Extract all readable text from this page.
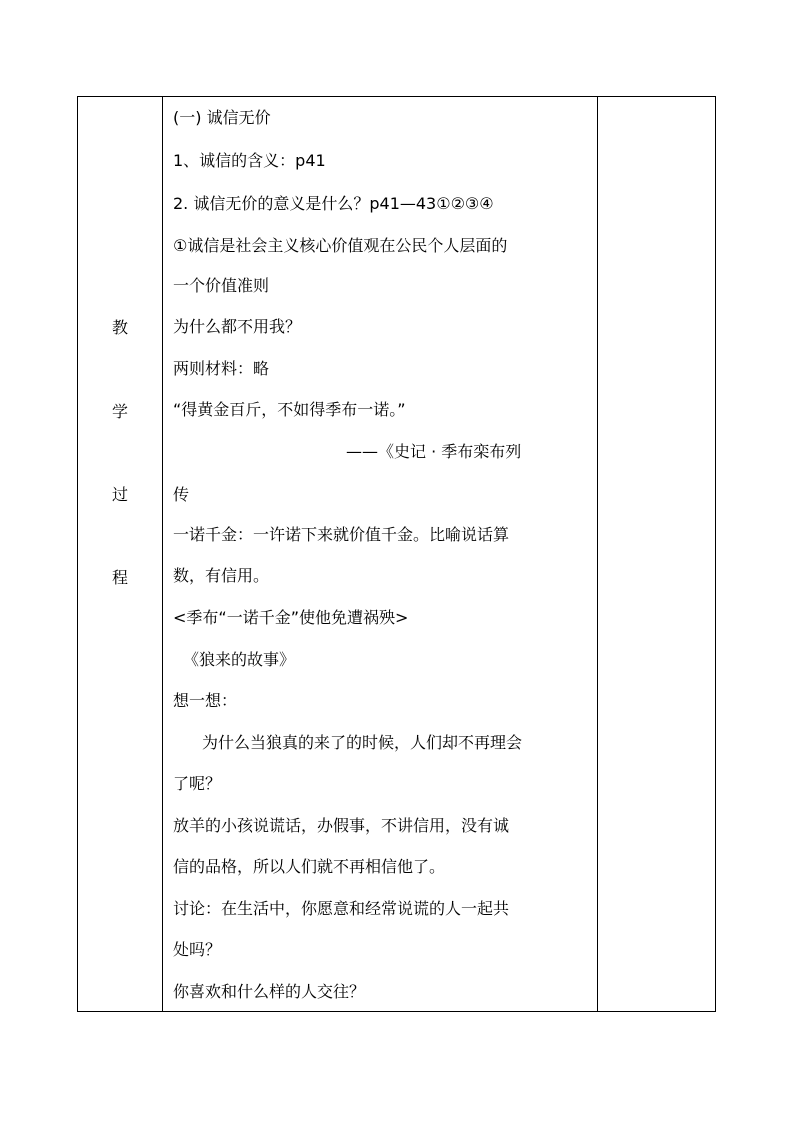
教
学
过
程
(一) 诚信无价
1、诚信的含义：p41
2. 诚信无价的意义是什么？p41—43①②③④
①诚信是社会主义核心价值观在公民个人层面的
一个价值准则
为什么都不用我？
两则材料：略
“得黄金百斤，不如得季布一诺。”
——《史记 · 季布栾布列
传
一诺千金：一许诺下来就价值千金。比喻说话算
数，有信用。
<季布“一诺千金”使他免遭祸殃>
《狼来的故事》
想一想：
为什么当狼真的来了的时候，人们却不再理会
了呢？
放羊的小孩说谎话，办假事，不讲信用，没有诚
信的品格，所以人们就不再相信他了。
讨论：在生活中，你愿意和经常说谎的人一起共
处吗？
你喜欢和什么样的人交往？
